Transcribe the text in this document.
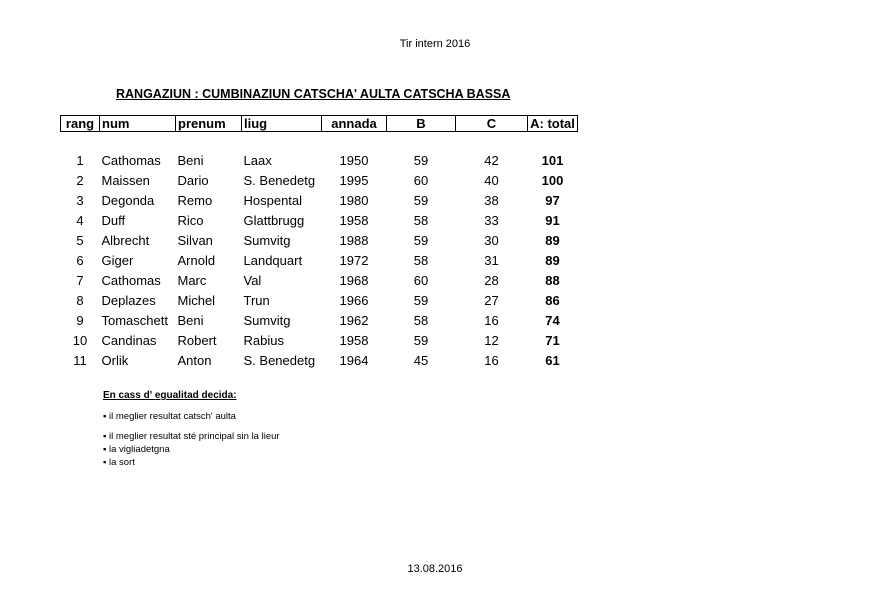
Tir intern 2016
RANGAZIUN : CUMBINAZIUN CATSCHA' AULTA CATSCHA BASSA
rang	num	prenum	liug	annada	B	C	A: total

1	Cathomas	Beni	Laax	1950	59	42	101
2	Maissen	Dario	S. Benedetg	1995	60	40	100
3	Degonda	Remo	Hospental	1980	59	38	97
4	Duff	Rico	Glattbrugg	1958	58	33	91
5	Albrecht	Silvan	Sumvitg	1988	59	30	89
6	Giger	Arnold	Landquart	1972	58	31	89
7	Cathomas	Marc	Val	1968	60	28	88
8	Deplazes	Michel	Trun	1966	59	27	86
9	Tomaschett	Beni	Sumvitg	1962	58	16	74
10	Candinas	Robert	Rabius	1958	59	12	71
11	Orlik	Anton	S. Benedetg	1964	45	16	61
En cass d' egualitad decida:
▪ il meglier resultat catsch' aulta
▪ il meglier resultat sté principal sin la lieur
▪ la vigliadetgna
▪ la sort
13.08.2016
